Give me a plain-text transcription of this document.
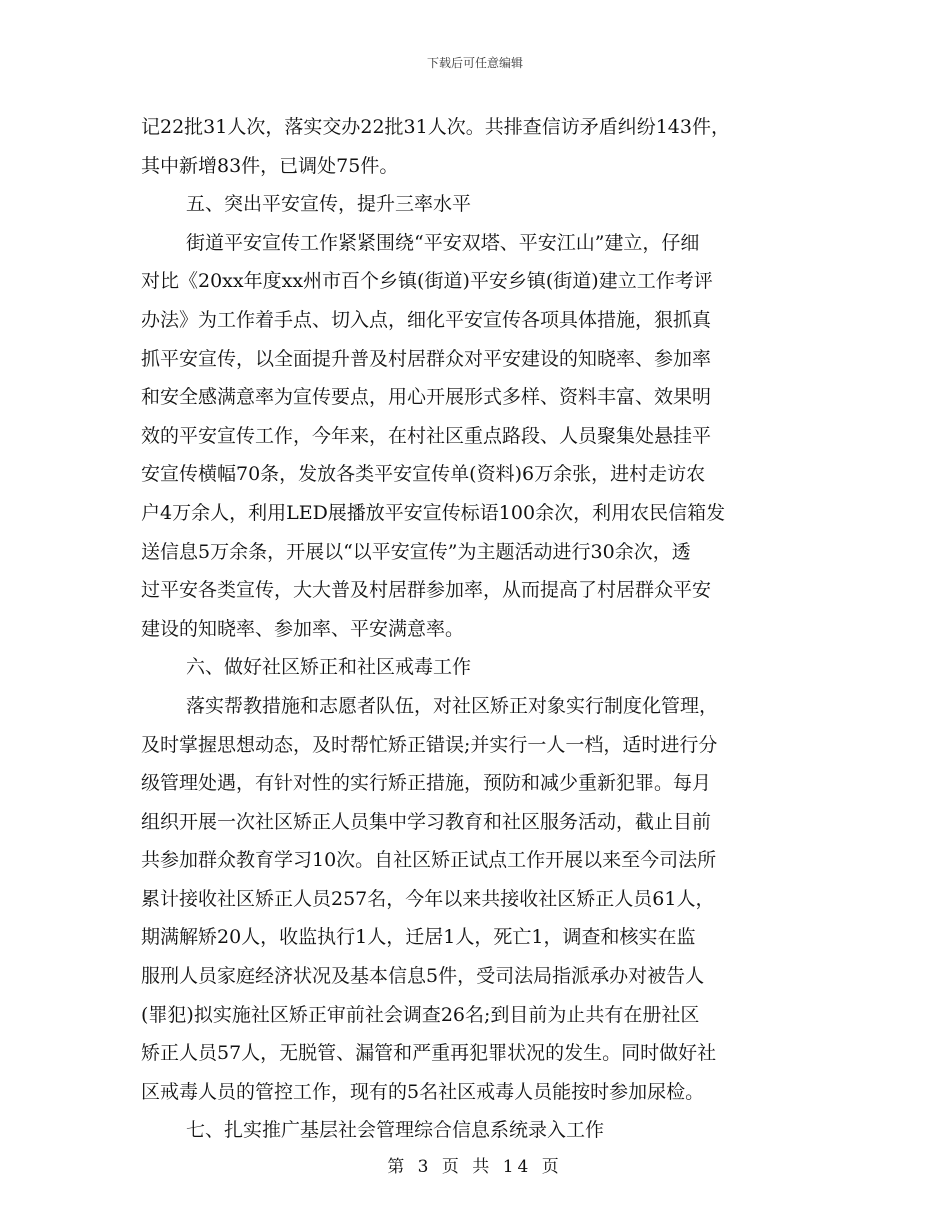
下载后可任意编辑
记22批31人次，落实交办22批31人次。共排查信访矛盾纠纷143件，
其中新增83件，已调处75件。
五、突出平安宣传，提升三率水平
街道平安宣传工作紧紧围绕“平安双塔、平安江山”建立，仔细
对比《20xx年度xx州市百个乡镇(街道)平安乡镇(街道)建立工作考评
办法》为工作着手点、切入点，细化平安宣传各项具体措施，狠抓真
抓平安宣传，以全面提升普及村居群众对平安建设的知晓率、参加率
和安全感满意率为宣传要点，用心开展形式多样、资料丰富、效果明
效的平安宣传工作，今年来，在村社区重点路段、人员聚集处悬挂平
安宣传横幅70条，发放各类平安宣传单(资料)6万余张，进村走访农
户4万余人，利用LED展播放平安宣传标语100余次，利用农民信箱发
送信息5万余条，开展以“以平安宣传”为主题活动进行30余次，透
过平安各类宣传，大大普及村居群参加率，从而提高了村居群众平安
建设的知晓率、参加率、平安满意率。
六、做好社区矫正和社区戒毒工作
落实帮教措施和志愿者队伍，对社区矫正对象实行制度化管理，
及时掌握思想动态，及时帮忙矫正错误;并实行一人一档，适时进行分
级管理处遇，有针对性的实行矫正措施，预防和减少重新犯罪。每月
组织开展一次社区矫正人员集中学习教育和社区服务活动，截止目前
共参加群众教育学习10次。自社区矫正试点工作开展以来至今司法所
累计接收社区矫正人员257名，今年以来共接收社区矫正人员61人，
期满解矫20人，收监执行1人，迁居1人，死亡1，调查和核实在监
服刑人员家庭经济状况及基本信息5件，受司法局指派承办对被告人
(罪犯)拟实施社区矫正审前社会调查26名;到目前为止共有在册社区
矫正人员57人，无脱管、漏管和严重再犯罪状况的发生。同时做好社
区戒毒人员的管控工作，现有的5名社区戒毒人员能按时参加尿检。
七、扎实推广基层社会管理综合信息系统录入工作
第 3 页 共 14 页
